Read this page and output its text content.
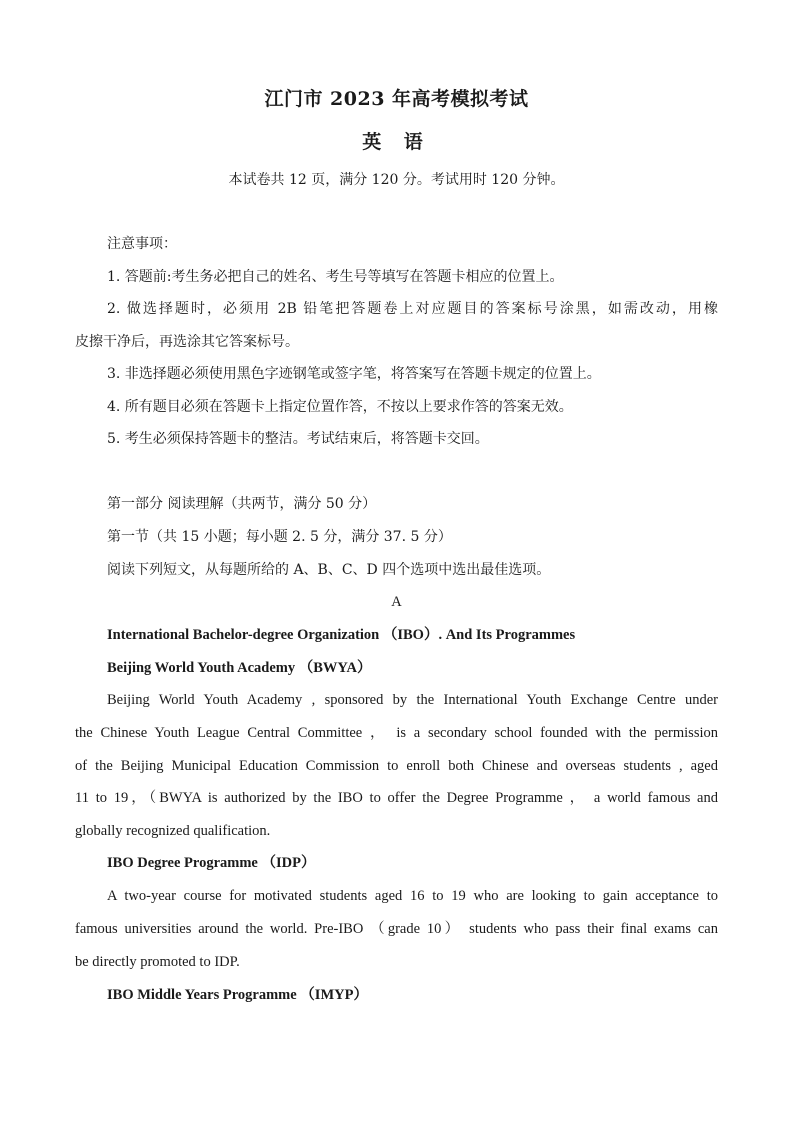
江门市 2023 年高考模拟考试
英 语
本试卷共 12 页，满分 120 分。考试用时 120 分钟。
注意事项：
1. 答题前:考生务必把自己的姓名、考生号等填写在答题卡相应的位置上。
2. 做选择题时，必须用 2B 铅笔把答题卷上对应题目的答案标号涂黑，如需改动，用橡
皮擦干净后，再选涂其它答案标号。
3. 非选择题必须使用黑色字迹钢笔或签字笔，将答案写在答题卡规定的位置上。
4. 所有题目必须在答题卡上指定位置作答，不按以上要求作答的答案无效。
5. 考生必须保持答题卡的整洁。考试结束后，将答题卡交回。
第一部分 阅读理解（共两节，满分 50 分）
第一节（共 15 小题；每小题 2. 5 分，满分 37. 5 分）
阅读下列短文，从每题所给的 A、B、C、D 四个选项中选出最佳选项。
A
International Bachelor-degree Organization （IBO）. And Its Programmes
Beijing World Youth Academy （BWYA）
Beijing World Youth Academy , sponsored by the International Youth Exchange Centre under
the Chinese Youth League Central Committee ， is a secondary school founded with the permission
of the Beijing Municipal Education Commission to enroll both Chinese and overseas students , aged
11 to 19，（BWYA is authorized by the IBO to offer the Degree Programme ， a world famous and
globally recognized qualification.
IBO Degree Programme （IDP）
A two-year course for motivated students aged 16 to 19 who are looking to gain acceptance to
famous universities around the world. Pre-IBO （grade 10） students who pass their final exams can
be directly promoted to IDP.
IBO Middle Years Programme （IMYP）
